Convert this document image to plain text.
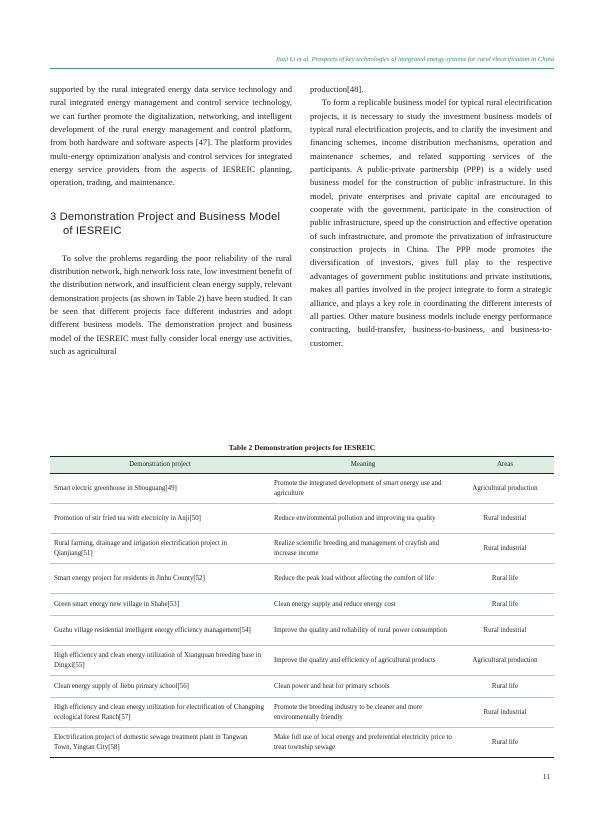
Jiaxi Li et al. Prospects of key technologies of integrated energy systems for rural electrification in China

supported by the rural integrated energy data service technology and rural integrated energy management and control service technology, we can further promote the digitalization, networking, and intelligent development of the rural energy management and control platform, from both hardware and software aspects [47]. The platform provides multi-energy optimization analysis and control services for integrated energy service providers from the aspects of IESREIC planning, operation, trading, and maintenance.

3 Demonstration Project and Business Model of IESREIC

To solve the problems regarding the poor reliability of the rural distribution network, high network loss rate, low investment benefit of the distribution network, and insufficient clean energy supply, relevant demonstration projects (as shown in Table 2) have been studied. It can be seen that different projects face different industries and adopt different business models. The demonstration project and business model of the IESREIC must fully consider local energy use activities, such as agricultural

production[48].

To form a replicable business model for typical rural electrification projects, it is necessary to study the investment business models of typical rural electrification projects, and to clarify the investment and financing schemes, income distribution mechanisms, operation and maintenance schemes, and related supporting services of the participants. A public-private partnership (PPP) is a widely used business model for the construction of public infrastructure. In this model, private enterprises and private capital are encouraged to cooperate with the government, participate in the construction of public infrastructure, speed up the construction and effective operation of such infrastructure, and promote the privatization of infrastructure construction projects in China. The PPP mode promotes the diversification of investors, gives full play to the respective advantages of government public institutions and private institutions, makes all parties involved in the project integrate to form a strategic alliance, and plays a key role in coordinating the different interests of all parties. Other mature business models include energy performance contracting, build-transfer, business-to-business, and business-to-customer.

Table 2 Demonstration projects for IESREIC
Demonstration project	Meaning	Areas
Smart electric greenhouse in Shouguang[49]	Promote the integrated development of smart energy use and agriculture	Agricultural production
Promotion of stir fried tea with electricity in Anji[50]	Reduce environmental pollution and improving tea quality	Rural industrial
Rural farming, drainage and irrigation electrification project in Qianjiang[51]	Realize scientific breeding and management of crayfish and increase income	Rural industrial
Smart energy project for residents in Jinhu County[52]	Reduce the peak load without affecting the comfort of life	Rural life
Green smart energy new village in Shahe[53]	Clean energy supply and reduce energy cost	Rural life
Guzhu village residential intelligent energy efficiency management[54]	Improve the quality and reliability of rural power consumption	Rural industrial
High efficiency and clean energy utilization of Xiangquan breeding base in Dingxi[55]	Improve the quality and efficiency of agricultural products	Agricultural production
Clean energy supply of Jiebu primary school[56]	Clean power and heat for primary schools	Rural life
High efficiency and clean energy utilization for electrification of Changping ecological forest Ranch[57]	Promote the breeding industry to be cleaner and more environmentally friendly	Rural industrial
Electrification project of domestic sewage treatment plant in Tangwan Town, Yingtan City[58]	Make full use of local energy and preferential electricity price to treat township sewage	Rural life
11
